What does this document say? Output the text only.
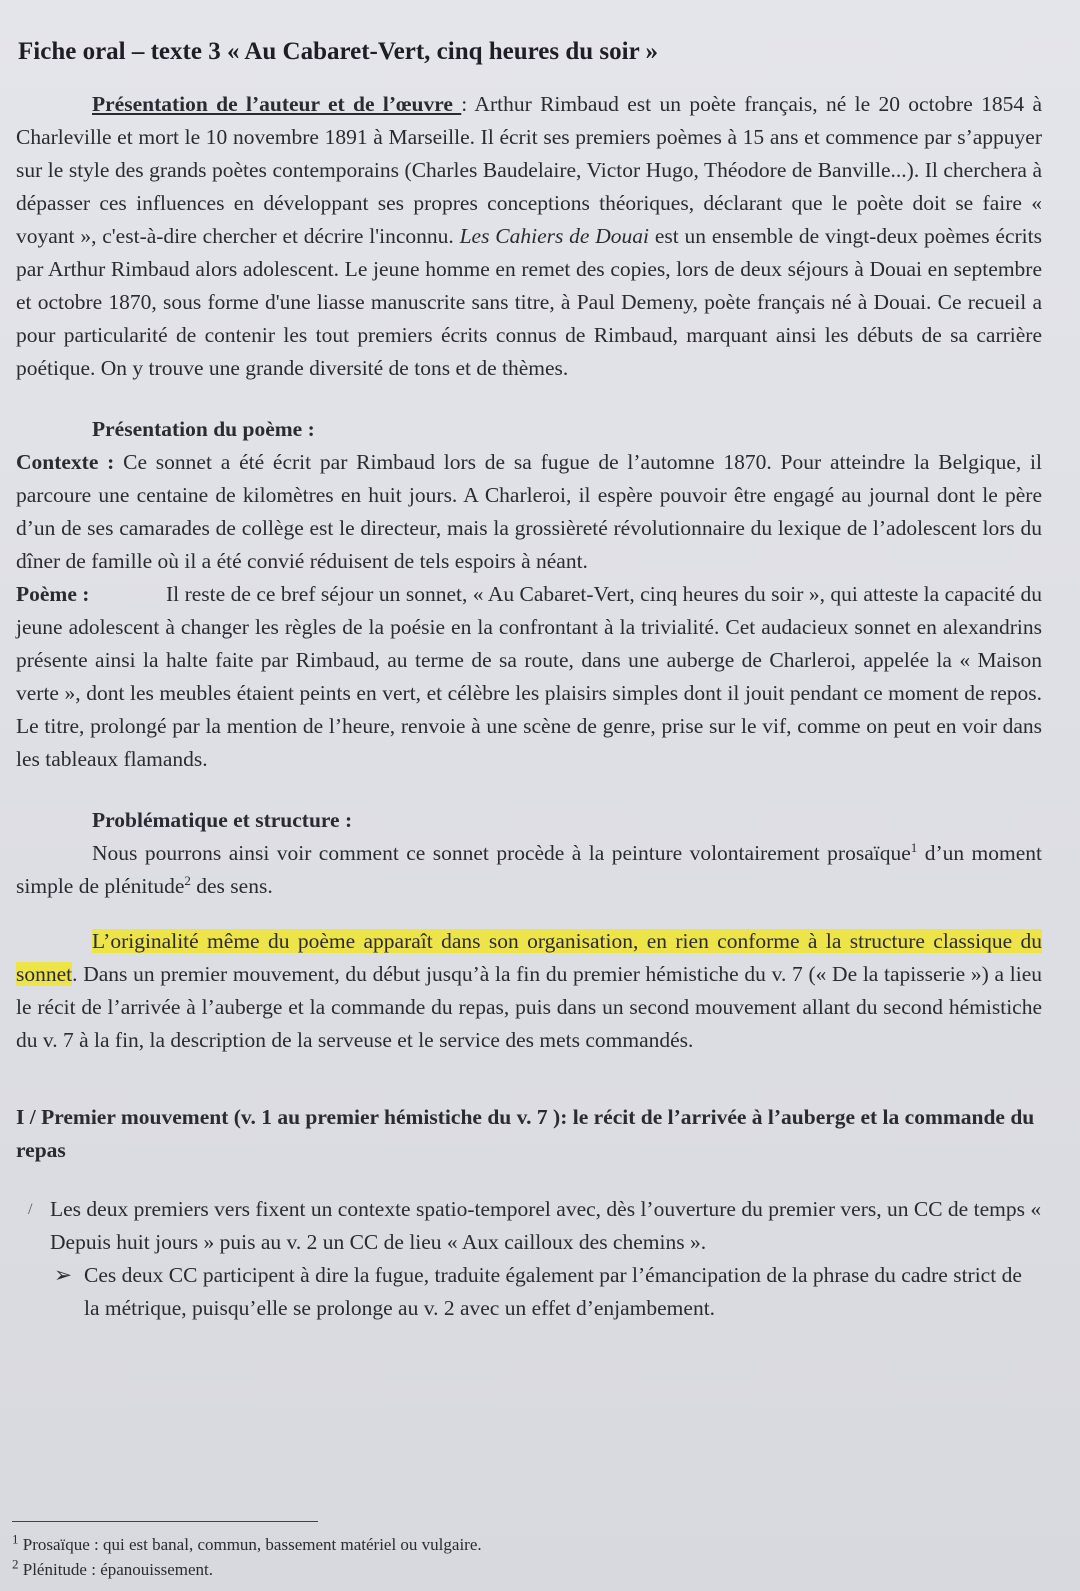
Fiche oral – texte 3 « Au Cabaret-Vert, cinq heures du soir »

Présentation de l’auteur et de l’œuvre : Arthur Rimbaud est un poète français, né le 20 octobre 1854 à Charleville et mort le 10 novembre 1891 à Marseille. Il écrit ses premiers poèmes à 15 ans et commence par s’appuyer sur le style des grands poètes contemporains (Charles Baudelaire, Victor Hugo, Théodore de Banville...). Il cherchera à dépasser ces influences en développant ses propres conceptions théoriques, déclarant que le poète doit se faire « voyant », c'est-à-dire chercher et décrire l'inconnu. Les Cahiers de Douai est un ensemble de vingt-deux poèmes écrits par Arthur Rimbaud alors adolescent. Le jeune homme en remet des copies, lors de deux séjours à Douai en septembre et octobre 1870, sous forme d'une liasse manuscrite sans titre, à Paul Demeny, poète français né à Douai. Ce recueil a pour particularité de contenir les tout premiers écrits connus de Rimbaud, marquant ainsi les débuts de sa carrière poétique. On y trouve une grande diversité de tons et de thèmes.

Présentation du poème :

Contexte : Ce sonnet a été écrit par Rimbaud lors de sa fugue de l’automne 1870. Pour atteindre la Belgique, il parcoure une centaine de kilomètres en huit jours. A Charleroi, il espère pouvoir être engagé au journal dont le père d’un de ses camarades de collège est le directeur, mais la grossièreté révolutionnaire du lexique de l’adolescent lors du dîner de famille où il a été convié réduisent de tels espoirs à néant.

Poème :	Il reste de ce bref séjour un sonnet, « Au Cabaret-Vert, cinq heures du soir », qui atteste la capacité du jeune adolescent à changer les règles de la poésie en la confrontant à la trivialité. Cet audacieux sonnet en alexandrins présente ainsi la halte faite par Rimbaud, au terme de sa route, dans une auberge de Charleroi, appelée la « Maison verte », dont les meubles étaient peints en vert, et célèbre les plaisirs simples dont il jouit pendant ce moment de repos. Le titre, prolongé par la mention de l’heure, renvoie à une scène de genre, prise sur le vif, comme on peut en voir dans les tableaux flamands.

Problématique et structure :

Nous pourrons ainsi voir comment ce sonnet procède à la peinture volontairement prosaïque$^1$ d’un moment simple de plénitude$^2$ des sens.

L’originalité même du poème apparaît dans son organisation, en rien conforme à la structure classique du sonnet. Dans un premier mouvement, du début jusqu’à la fin du premier hémistiche du v. 7 (« De la tapisserie ») a lieu le récit de l’arrivée à l’auberge et la commande du repas, puis dans un second mouvement allant du second hémistiche du v. 7 à la fin, la description de la serveuse et le service des mets commandés.

I / Premier mouvement (v. 1 au premier hémistiche du v. 7 ): le récit de l’arrivée à l’auberge et la commande du repas
/ Les deux premiers vers fixent un contexte spatio-temporel avec, dès l’ouverture du premier vers, un CC de temps « Depuis huit jours » puis au v. 2 un CC de lieu « Aux cailloux des chemins ».
➢ Ces deux CC participent à dire la fugue, traduite également par l’émancipation de la phrase du cadre strict de la métrique, puisqu’elle se prolonge au v. 2 avec un effet d’enjambement.
$^1$ Prosaïque : qui est banal, commun, bassement matériel ou vulgaire.
$^2$ Plénitude : épanouissement.
